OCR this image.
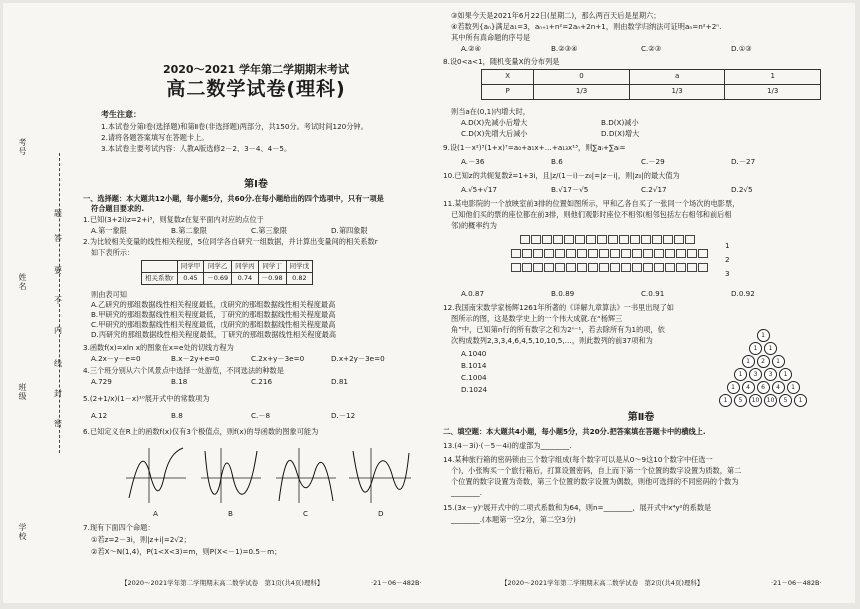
考号
姓名
班级
学校
题
答
要
不
内
线
封
密
2020～2021 学年第二学期期末考试
高二数学试卷(理科)
考生注意：
1.本试卷分第Ⅰ卷(选择题)和第Ⅱ卷(非选择题)两部分，共150分。考试时间120分钟。
2.请将各题答案填写在答题卡上。
3.本试卷主要考试内容：人教A版选修2－2、3－4、4－5。
第Ⅰ卷
一、选择题：本大题共12小题，每小题5分，共60分.在每小题给出的四个选项中，只有一项是
符合题目要求的.
1.已知(3+2i)z=2+i³，则复数z在复平面内对应的点位于
A.第一象限	B.第二象限	C.第三象限	D.第四象限
2.为比较相关变量的线性相关程度，5位同学各自研究一组数据，并计算出变量间的相关系数r
如下表所示：
	同学甲	同学乙	同学丙	同学丁	同学戊
相关系数r	0.45	－0.69	0.74	－0.98	0.82
则由表可知
A.乙研究的那组数据线性相关程度最低，戊研究的那组数据线性相关程度最高
B.甲研究的那组数据线性相关程度最低，丁研究的那组数据线性相关程度最高
C.甲研究的那组数据线性相关程度最低，戊研究的那组数据线性相关程度最高
D.丙研究的那组数据线性相关程度最低，丁研究的那组数据线性相关程度最高
3.函数f(x)=xln x的图象在x=e处的切线方程为
A.2x－y－e=0	B.x－2y+e=0	C.2x+y－3e=0	D.x+2y－3e=0
4.三个班分别从六个风景点中选择一处游览，不同选法的种数是
A.729	B.18	C.216	D.81
5.(2+1/x)(1－x)¹⁰展开式中的常数项为
A.12	B.8	C.－8	D.－12
6.已知定义在R上的函数f(x)仅有3个极值点，则f(x)的导函数的图象可能为
A	B	C	D
7.现有下面四个命题：
①若z=2－3i，则|z+i|=2√2；
②若X～N(1,4)，P(1<X<3)=m，则P(X<－1)=0.5－m；
【2020～2021学年第二学期期末高二数学试卷　第1页(共4页)理科】	·21－06－482B·
③如果今天是2021年6月22日(星期二)，那么两百天后是星期六；
④若数列{aₙ}满足a₁=3，aₙ₊₁+n²=2aₙ+2n+1，则由数学归纳法可证明aₙ=n²+2ⁿ.
其中所有真命题的序号是
A.②④	B.②③④	C.②③	D.①③
8.设0<a<1，随机变量X的分布列是
X	0	a	1
P	1/3	1/3	1/3
则当a在(0,1)内增大时，
A.D(X)先减小后增大	B.D(X)减小
C.D(X)先增大后减小	D.D(X)增大
9.设(1－x²)³(1+x)⁷=a₀+a₁x+…+a₁₃x¹³，则∑aᵢ+∑aᵢ=
A.－36	B.6	C.－29	D.－27
10.已知z的共轭复数z̄=1+3i，且|z/(1－i)－z₀|=|z－i|，则|z₀|的最大值为
A.√5+√17	B.√17－√5	C.2√17	D.2√5
11.某电影院的一个放映室前3排的位置如图所示，甲和乙各自买了一张同一个场次的电影票，
已知他们买的票的座位都在前3排，则他们观影时座位不相邻(相邻包括左右相邻和前后相
邻)的概率约为
1
2
3
A.0.87	B.0.89	C.0.91	D.0.92
12.我国南宋数学家杨辉1261年所著的《详解九章算法》一书里出现了如
图所示的图，这是数学史上的一个伟大成就.在“杨辉三
角”中，已知第n行的所有数字之和为2ⁿ⁻¹，若去除所有为1的项，依
次构成数列2,3,3,4,6,4,5,10,10,5,…，则此数列的前37项和为
A.1040
B.1014
C.1004
D.1024
1
1 1
1 2 1
1 3 3 1
1 4 6 4 1
1 5 10 10 5 1
第Ⅱ卷
二、填空题：本大题共4小题，每小题5分，共20分.把答案填在答题卡中的横线上.
13.(4－3i)·(－5－4i)的虚部为________.
14.某种旅行箱的密码锁由三个数字组成(每个数字可以是从0～9这10个数字中任选一
个)，小张购买一个旅行箱后，打算设置密码，自上而下第一个位置的数字设置为质数，第二
个位置的数字设置为奇数，第三个位置的数字设置为偶数，则他可选择的不同密码的个数为
________.
15.(3x－y)ⁿ展开式中的二项式系数和为64，则n=________，展开式中x⁴y²的系数是
________.(本题第一空2分，第二空3分)
【2020～2021学年第二学期期末高二数学试卷　第2页(共4页)理科】	·21－06－482B·
